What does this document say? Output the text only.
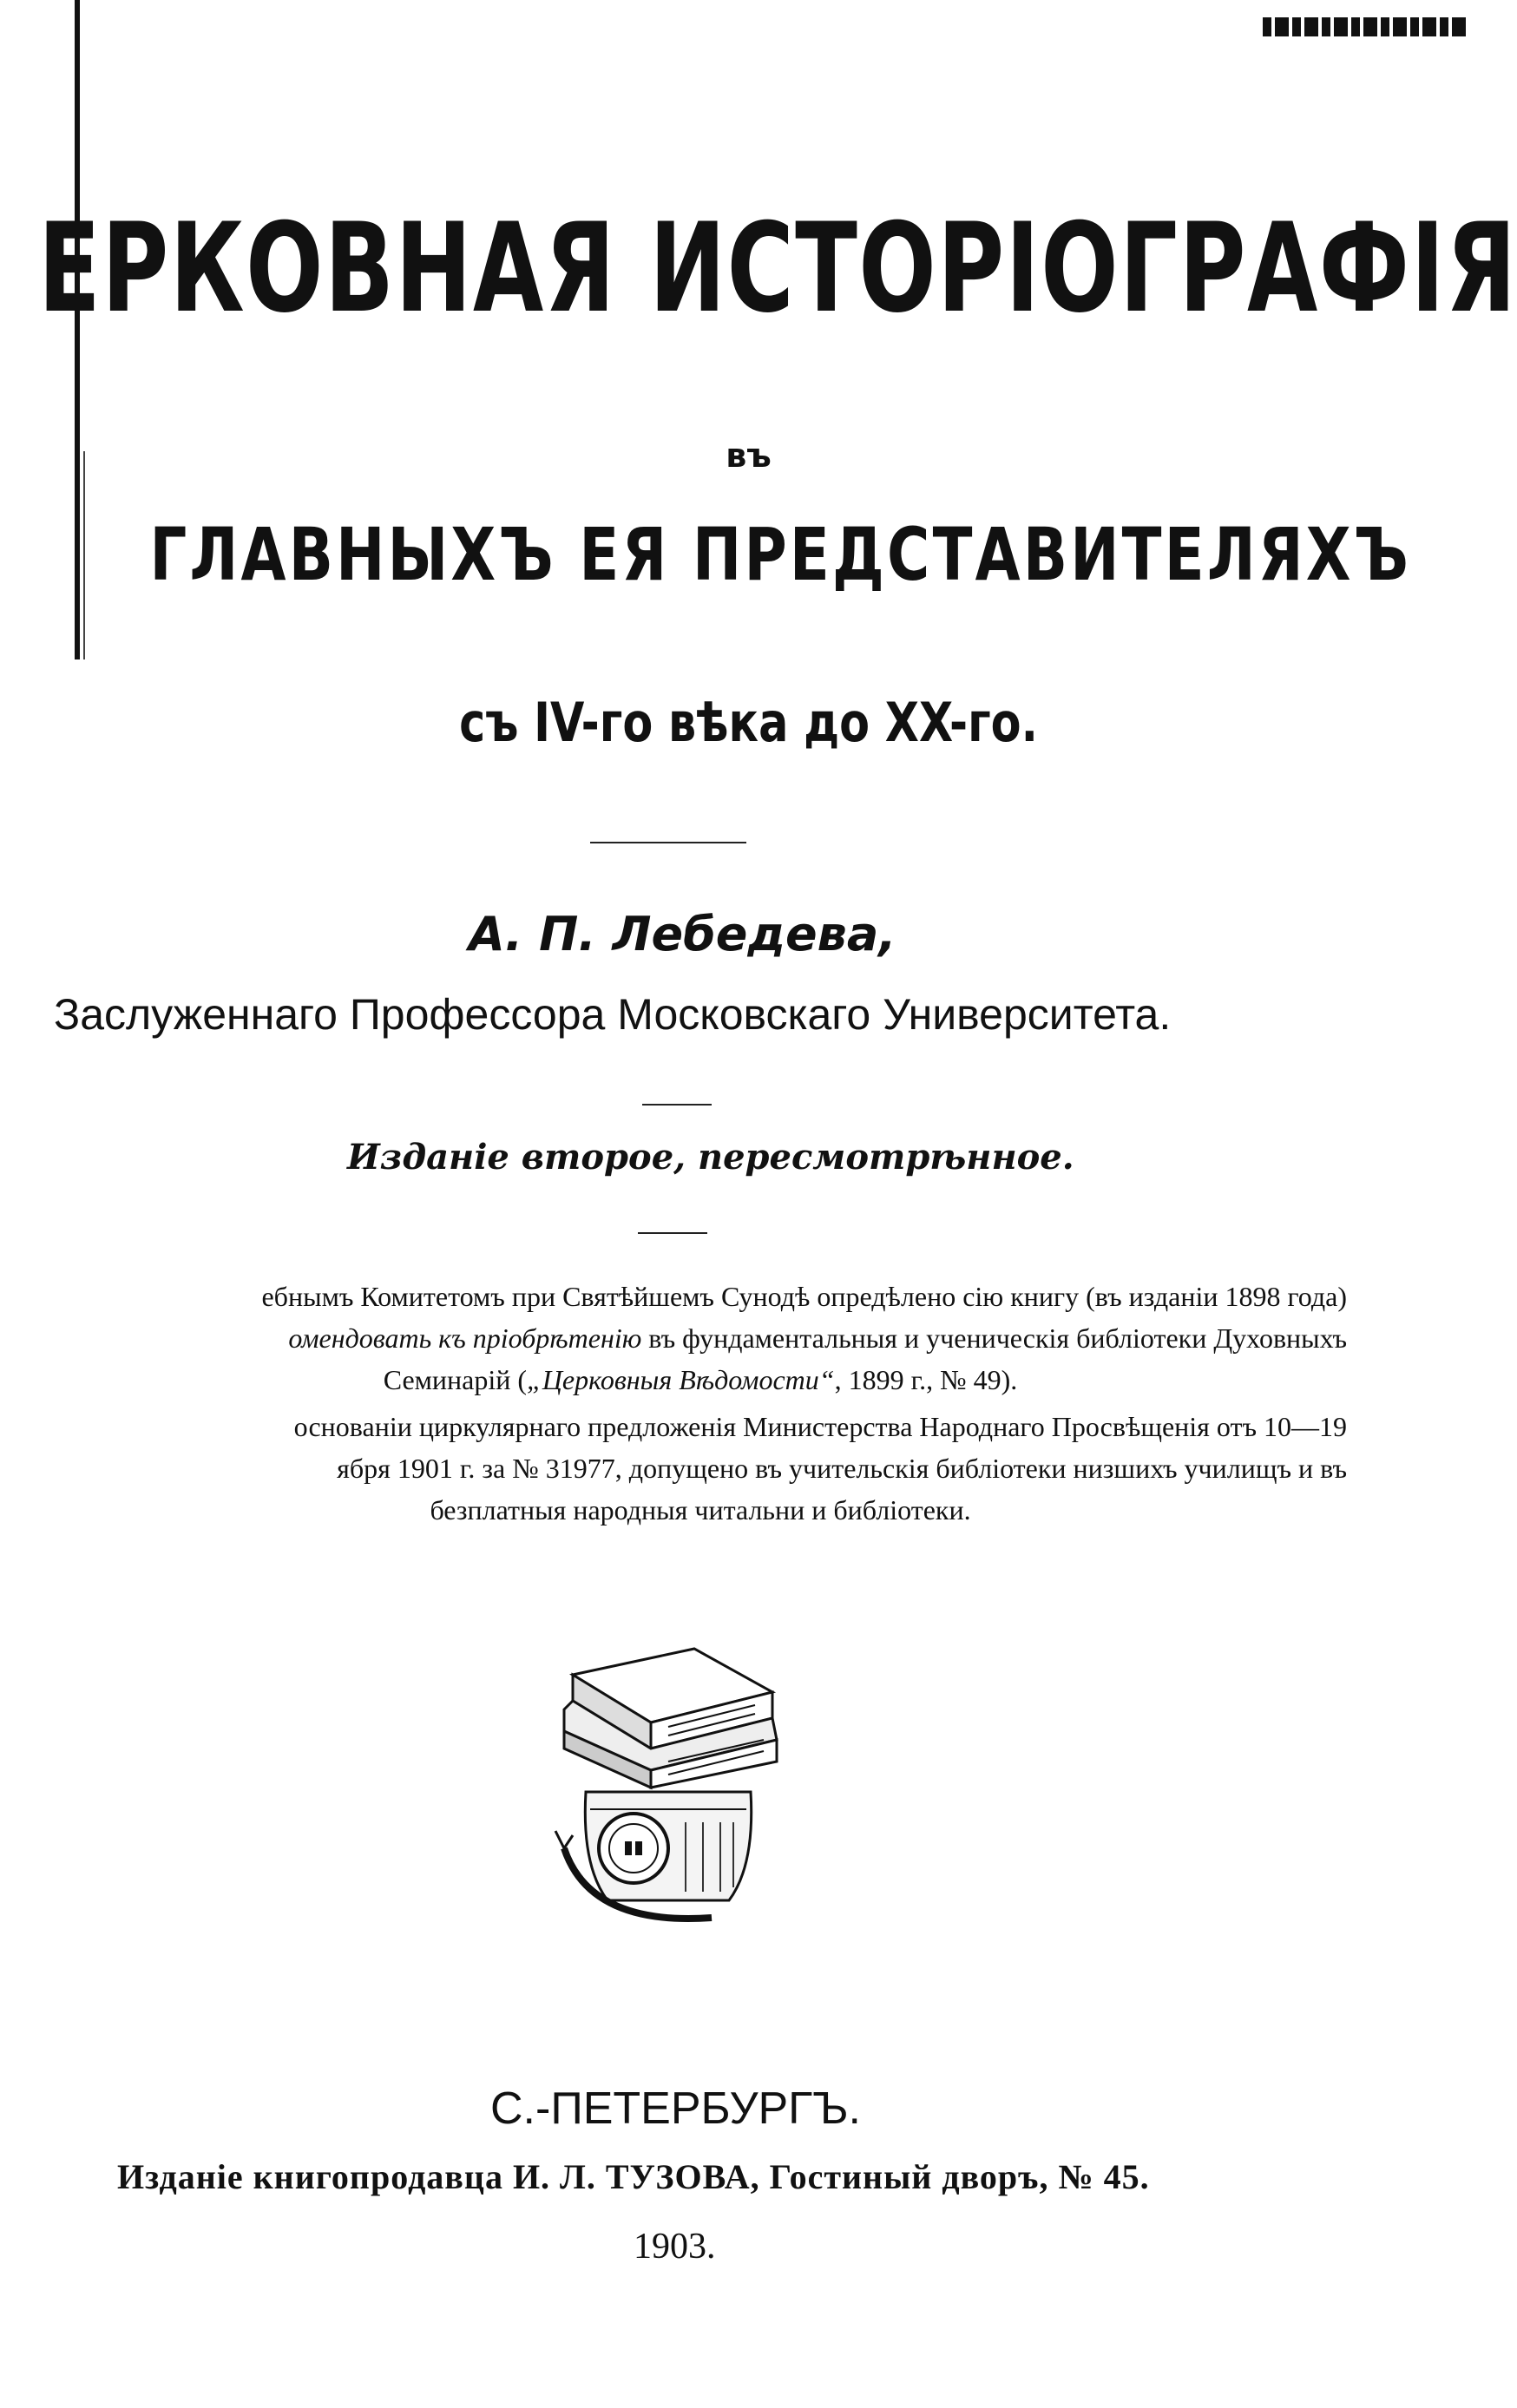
ЕРКОВНАЯ ИСТОРІОГРАФІЯ
въ
ГЛАВНЫХЪ ЕЯ ПРЕДСТАВИТЕЛЯХЪ
съ IV-го вѣка до XX-го.
А. П. Лебедева,
Заслуженнаго Профессора Московскаго Университета.
Изданіе второе, пересмотрѣнное.

ебнымъ Комитетомъ при Святѣйшемъ Сунодѣ опредѣлено сію книгу (въ изданіи 1898 года)

омендовать къ пріобрѣтенію въ фундаментальныя и ученическія библіотеки Духовныхъ

Семинарій („Церковныя Вѣдомости“, 1899 г., № 49).

основаніи циркулярнаго предложенія Министерства Народнаго Просвѣщенія отъ 10—19

ября 1901 г. за № 31977, допущено въ учительскія библіотеки низшихъ училищъ и въ

безплатныя народныя читальни и библіотеки.

С.-ПЕТЕРБУРГЪ.
Изданіе книгопродавца И. Л. ТУЗОВА, Гостиный дворъ, № 45.
1903.
